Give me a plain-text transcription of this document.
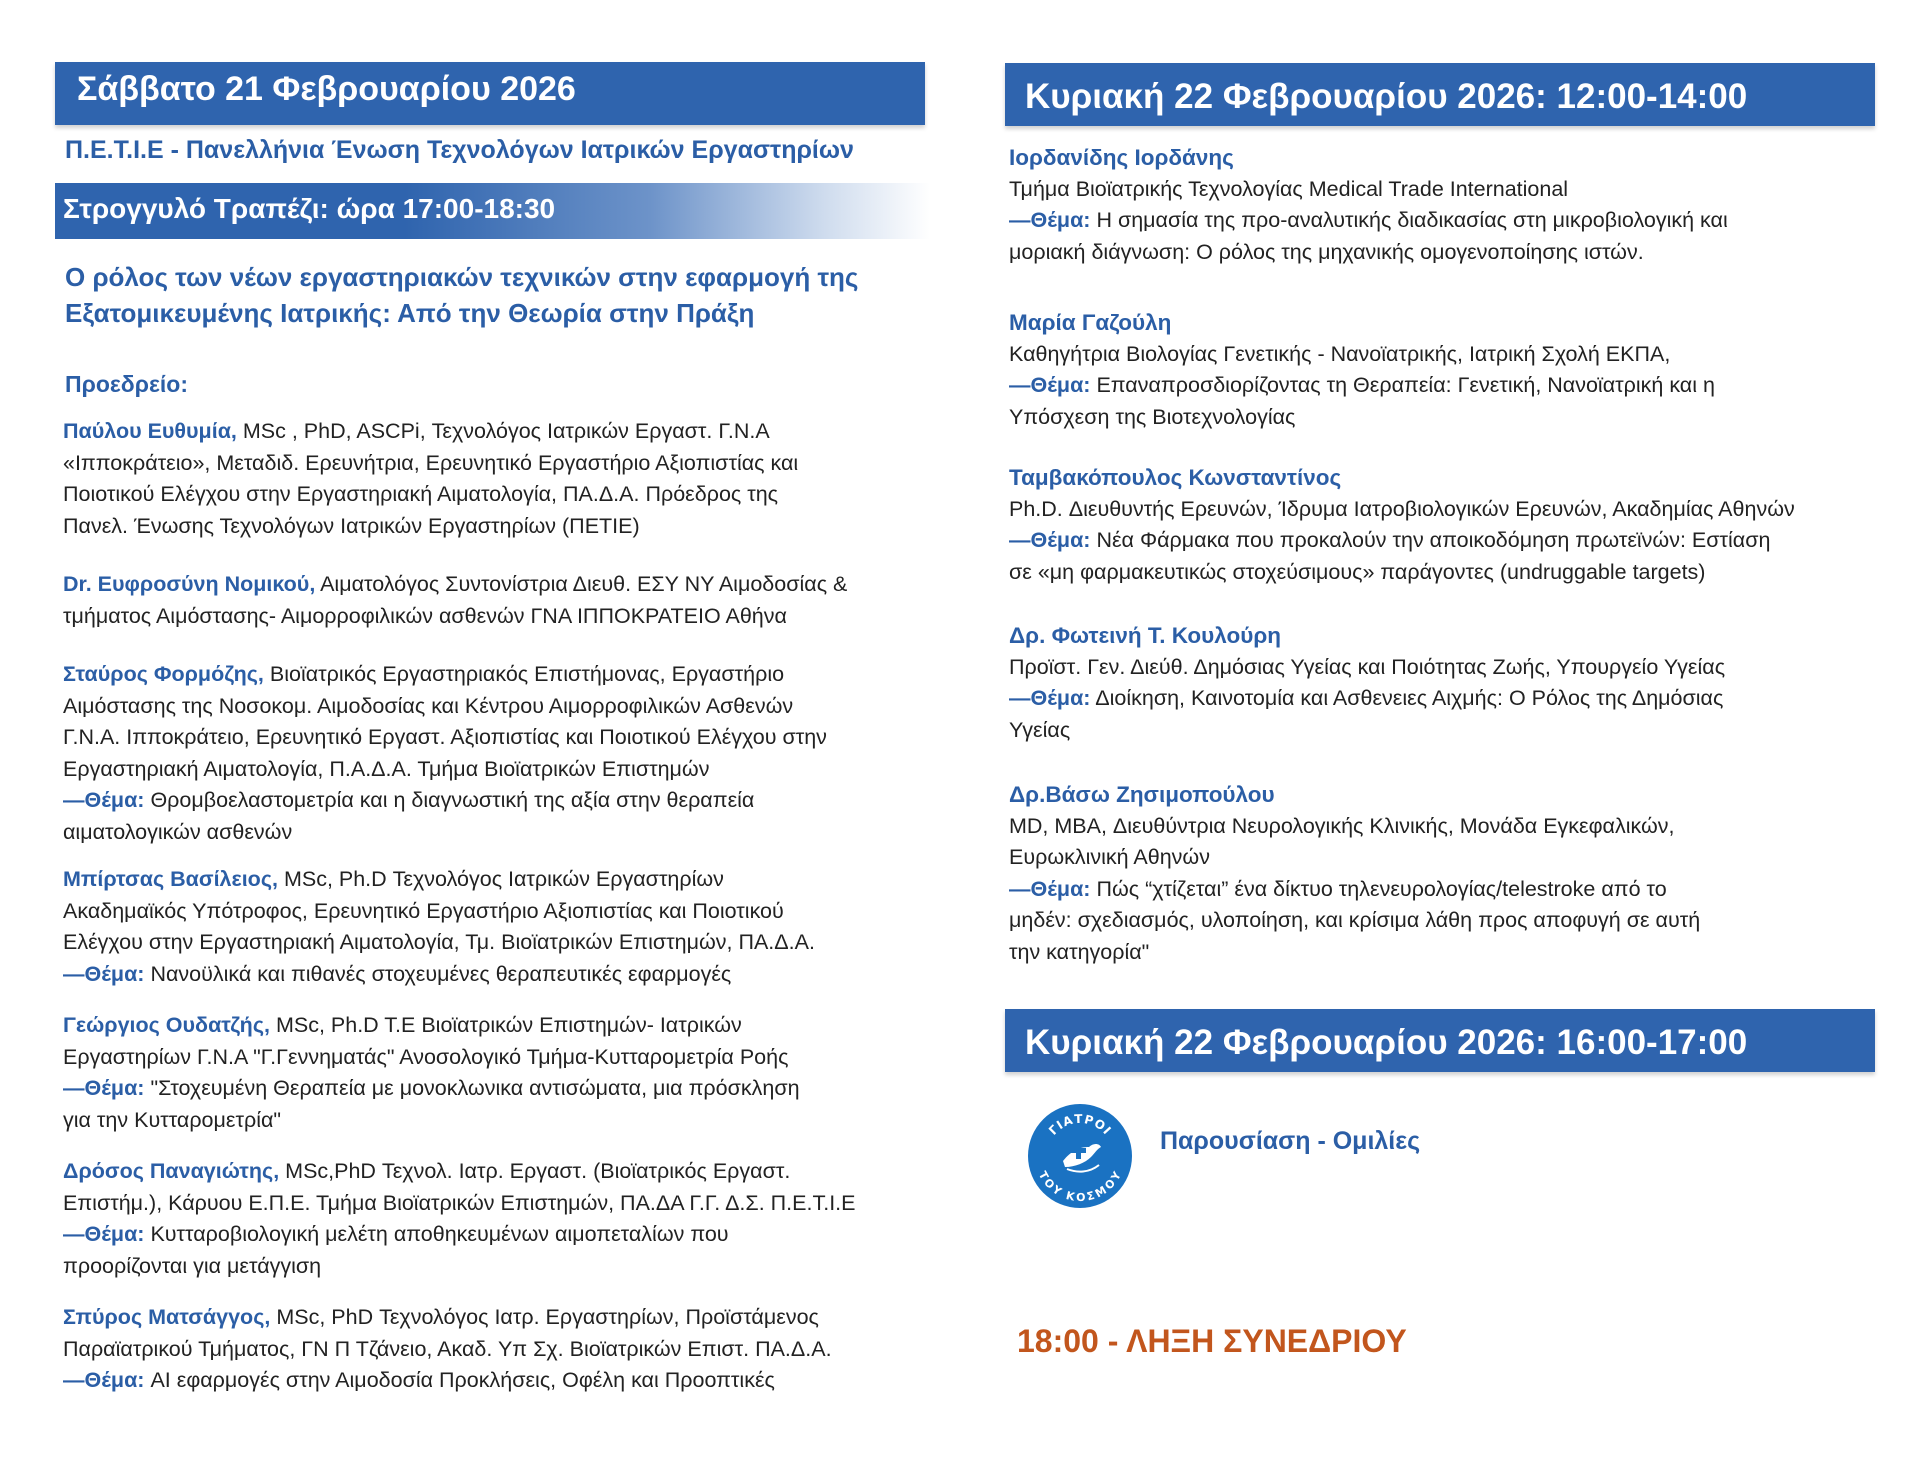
Σάββατο 21 Φεβρουαρίου 2026
Π.Ε.Τ.Ι.Ε - Πανελλήνια Ένωση Τεχνολόγων Ιατρικών Εργαστηρίων
Στρογγυλό Τραπέζι: ώρα 17:00-18:30
Ο ρόλος των νέων εργαστηριακών τεχνικών στην εφαρμογή της
Εξατομικευμένης Ιατρικής: Από την Θεωρία στην Πράξη
Προεδρείο:
Παύλου Ευθυμία, MSc , PhD, ASCPi, Τεχνολόγος Ιατρικών Εργαστ. Γ.Ν.Α
«Ιπποκράτειο», Μεταδιδ. Ερευνήτρια, Ερευνητικό Εργαστήριο Αξιοπιστίας και
Ποιοτικού Ελέγχου στην Εργαστηριακή Αιματολογία, ΠΑ.Δ.Α. Πρόεδρος της
Πανελ. Ένωσης Τεχνολόγων Ιατρικών Εργαστηρίων (ΠΕΤΙΕ)
Dr. Ευφροσύνη Νομικού, Αιματολόγος Συντονίστρια Διευθ. ΕΣΥ ΝΥ Αιμοδοσίας &
τμήματος Αιμόστασης- Αιμορροφιλικών ασθενών ΓΝΑ ΙΠΠΟΚΡΑΤΕΙΟ Αθήνα
Σταύρος Φορμόζης, Βιοϊατρικός Εργαστηριακός Επιστήμονας, Εργαστήριο
Αιμόστασης της Νοσοκομ. Αιμοδοσίας και Κέντρου Αιμορροφιλικών Ασθενών
Γ.Ν.Α. Ιπποκράτειο, Ερευνητικό Εργαστ. Αξιοπιστίας και Ποιοτικού Ελέγχου στην
Εργαστηριακή Αιματολογία, Π.Α.Δ.Α. Τμήμα Βιοϊατρικών Επιστημών
—Θέμα: Θρομβοελαστομετρία και η διαγνωστική της αξία στην θεραπεία
αιματολογικών ασθενών
Μπίρτσας Βασίλειος, MSc, Ph.D Τεχνολόγος Ιατρικών Εργαστηρίων
Ακαδημαϊκός Υπότροφος, Ερευνητικό Εργαστήριο Αξιοπιστίας και Ποιοτικού
Ελέγχου στην Εργαστηριακή Αιματολογία, Τμ. Βιοϊατρικών Επιστημών, ΠΑ.Δ.Α.
—Θέμα: Νανοϋλικά και πιθανές στοχευμένες θεραπευτικές εφαρμογές
Γεώργιος Ουδατζής, MSc, Ph.D T.E Βιοϊατρικών Επιστημών- Ιατρικών
Εργαστηρίων Γ.Ν.Α "Γ.Γεννηματάς" Ανοσολογικό Τμήμα-Κυτταρομετρία Ροής
—Θέμα: "Στοχευμένη Θεραπεία με μονοκλωνικα αντισώματα, μια πρόσκληση
για την Κυτταρομετρία"
Δρόσος Παναγιώτης, MSc,PhD Τεχνολ. Ιατρ. Εργαστ. (Βιοϊατρικός Εργαστ.
Επιστήμ.), Κάρυου Ε.Π.Ε. Τμήμα Βιοϊατρικών Επιστημών, ΠΑ.ΔΑ Γ.Γ. Δ.Σ. Π.Ε.Τ.Ι.Ε
—Θέμα: Κυτταροβιολογική μελέτη αποθηκευμένων αιμοπεταλίων που
προορίζονται για μετάγγιση
Σπύρος Ματσάγγος, MSc, PhD Τεχνολόγος Ιατρ. Εργαστηρίων, Προϊστάμενος
Παραϊατρικού Τμήματος, ΓΝ Π Τζάνειο, Ακαδ. Υπ Σχ. Βιοϊατρικών Επιστ. ΠΑ.Δ.Α.
—Θέμα: AI εφαρμογές στην Αιμοδοσία Προκλήσεις, Οφέλη και Προοπτικές
Κυριακή 22 Φεβρουαρίου 2026: 12:00-14:00
Ιορδανίδης Ιορδάνης
Τμήμα Βιοϊατρικής Τεχνολογίας Medical Trade International
—Θέμα: Η σημασία της προ-αναλυτικής διαδικασίας στη μικροβιολογική και
μοριακή διάγνωση: Ο ρόλος της μηχανικής ομογενοποίησης ιστών.
Μαρία Γαζούλη
Καθηγήτρια Βιολογίας Γενετικής - Νανοϊατρικής, Ιατρική Σχολή ΕΚΠΑ,
—Θέμα: Επαναπροσδιορίζοντας τη Θεραπεία: Γενετική, Νανοϊατρική και η
Υπόσχεση της Βιοτεχνολογίας
Ταμβακόπουλος Κωνσταντίνος
Ph.D. Διευθυντής Ερευνών, Ίδρυμα Ιατροβιολογικών Ερευνών, Ακαδημίας Αθηνών
—Θέμα: Νέα Φάρμακα που προκαλούν την αποικοδόμηση πρωτεϊνών: Εστίαση
σε «μη φαρμακευτικώς στοχεύσιμους» παράγοντες (undruggable targets)
Δρ. Φωτεινή Τ. Κουλούρη
Προϊστ. Γεν. Διεύθ. Δημόσιας Υγείας και Ποιότητας Ζωής, Υπουργείο Υγείας
—Θέμα: Διοίκηση, Καινοτομία και Ασθενειες Αιχμής: Ο Ρόλος της Δημόσιας
Υγείας
Δρ.Βάσω Ζησιμοπούλου
MD, MBA, Διευθύντρια Νευρολογικής Κλινικής, Μονάδα Εγκεφαλικών,
Ευρωκλινική Αθηνών
—Θέμα: Πώς “χτίζεται” ένα δίκτυο τηλενευρολογίας/telestroke από το
μηδέν: σχεδιασμός, υλοποίηση, και κρίσιμα λάθη προς αποφυγή σε αυτή
την κατηγορία"
Κυριακή 22 Φεβρουαρίου 2026: 16:00-17:00
ΓΙΑΤΡΟΙ
ΤΟΥ ΚΟΣΜΟΥ
Παρουσίαση - Ομιλίες
18:00 - ΛΗΞΗ ΣΥΝΕΔΡΙΟΥ
